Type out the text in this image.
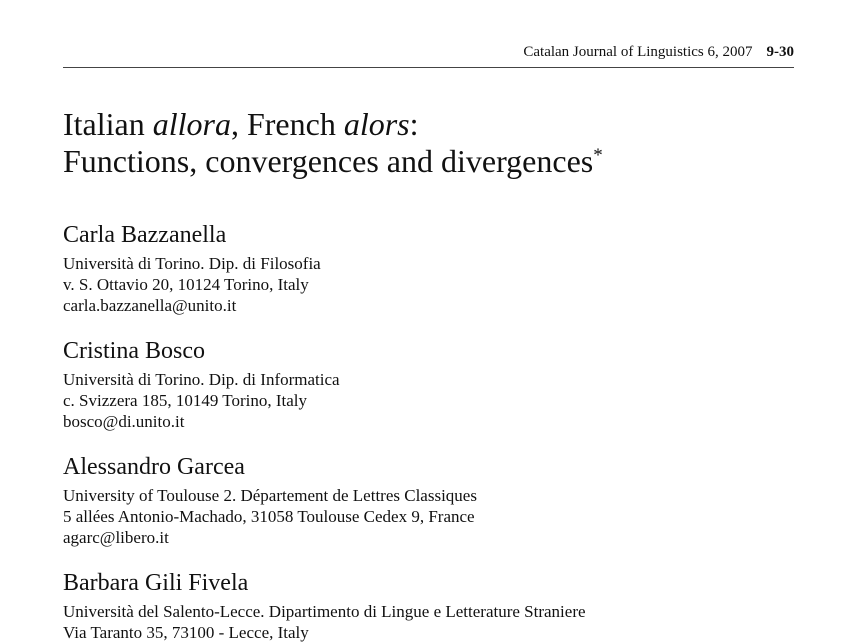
Catalan Journal of Linguistics 6, 2007 9-30
Italian allora, French alors:
Functions, convergences and divergences*
Carla Bazzanella
Università di Torino. Dip. di Filosofia
v. S. Ottavio 20, 10124 Torino, Italy
carla.bazzanella@unito.it
Cristina Bosco
Università di Torino. Dip. di Informatica
c. Svizzera 185, 10149 Torino, Italy
bosco@di.unito.it
Alessandro Garcea
University of Toulouse 2. Département de Lettres Classiques
5 allées Antonio-Machado, 31058 Toulouse Cedex 9, France
agarc@libero.it
Barbara Gili Fivela
Università del Salento-Lecce. Dipartimento di Lingue e Letterature Straniere
Via Taranto 35, 73100 - Lecce, Italy
